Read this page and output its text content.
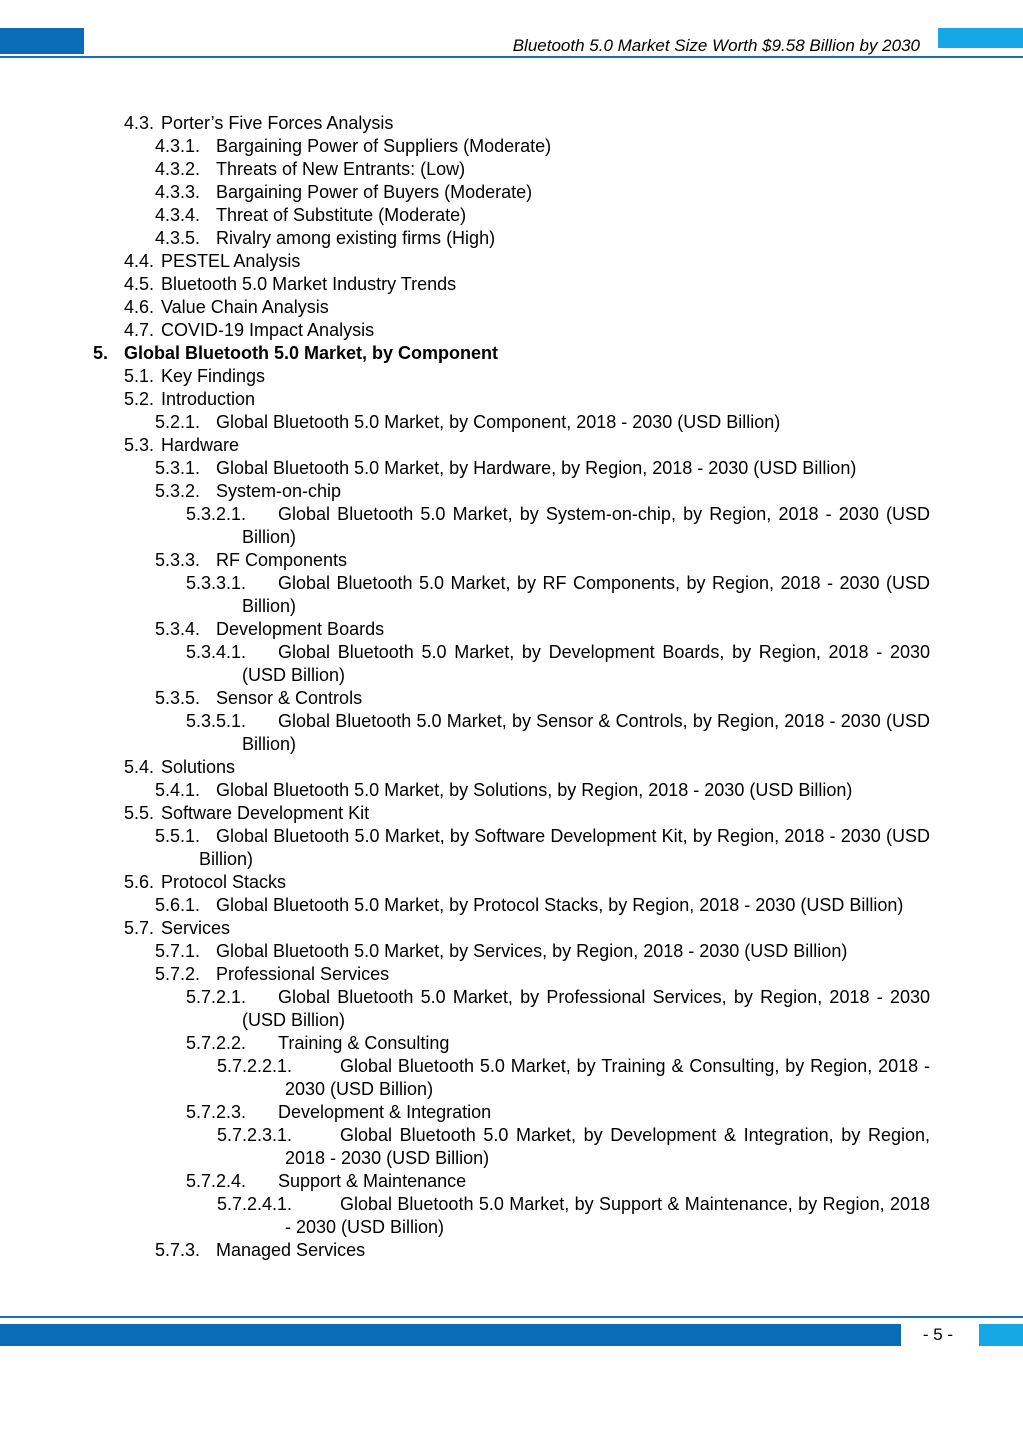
Bluetooth 5.0 Market Size Worth $9.58 Billion by 2030
4.3. Porter’s Five Forces Analysis
4.3.1. Bargaining Power of Suppliers (Moderate)
4.3.2. Threats of New Entrants: (Low)
4.3.3. Bargaining Power of Buyers (Moderate)
4.3.4. Threat of Substitute (Moderate)
4.3.5. Rivalry among existing firms (High)
4.4. PESTEL Analysis
4.5. Bluetooth 5.0 Market Industry Trends
4.6. Value Chain Analysis
4.7. COVID-19 Impact Analysis
5. Global Bluetooth 5.0 Market, by Component
5.1. Key Findings
5.2. Introduction
5.2.1. Global Bluetooth 5.0 Market, by Component, 2018 - 2030 (USD Billion)
5.3. Hardware
5.3.1. Global Bluetooth 5.0 Market, by Hardware, by Region, 2018 - 2030 (USD Billion)
5.3.2. System-on-chip
5.3.2.1.	Global Bluetooth 5.0 Market, by System-on-chip, by Region, 2018 - 2030 (USD Billion)
5.3.3. RF Components
5.3.3.1.	Global Bluetooth 5.0 Market, by RF Components, by Region, 2018 - 2030 (USD Billion)
5.3.4. Development Boards
5.3.4.1.	Global Bluetooth 5.0 Market, by Development Boards, by Region, 2018 - 2030 (USD Billion)
5.3.5. Sensor & Controls
5.3.5.1.	Global Bluetooth 5.0 Market, by Sensor & Controls, by Region, 2018 - 2030 (USD Billion)
5.4. Solutions
5.4.1. Global Bluetooth 5.0 Market, by Solutions, by Region, 2018 - 2030 (USD Billion)
5.5. Software Development Kit
5.5.1. Global Bluetooth 5.0 Market, by Software Development Kit, by Region, 2018 - 2030 (USD Billion)
5.6. Protocol Stacks
5.6.1. Global Bluetooth 5.0 Market, by Protocol Stacks, by Region, 2018 - 2030 (USD Billion)
5.7. Services
5.7.1. Global Bluetooth 5.0 Market, by Services, by Region, 2018 - 2030 (USD Billion)
5.7.2. Professional Services
5.7.2.1.	Global Bluetooth 5.0 Market, by Professional Services, by Region, 2018 - 2030 (USD Billion)
5.7.2.2.	Training & Consulting
5.7.2.2.1.	Global Bluetooth 5.0 Market, by Training & Consulting, by Region, 2018 - 2030 (USD Billion)
5.7.2.3.	Development & Integration
5.7.2.3.1.	Global Bluetooth 5.0 Market, by Development & Integration, by Region, 2018 - 2030 (USD Billion)
5.7.2.4.	Support & Maintenance
5.7.2.4.1.	Global Bluetooth 5.0 Market, by Support & Maintenance, by Region, 2018 - 2030 (USD Billion)
5.7.3. Managed Services
- 5 -
